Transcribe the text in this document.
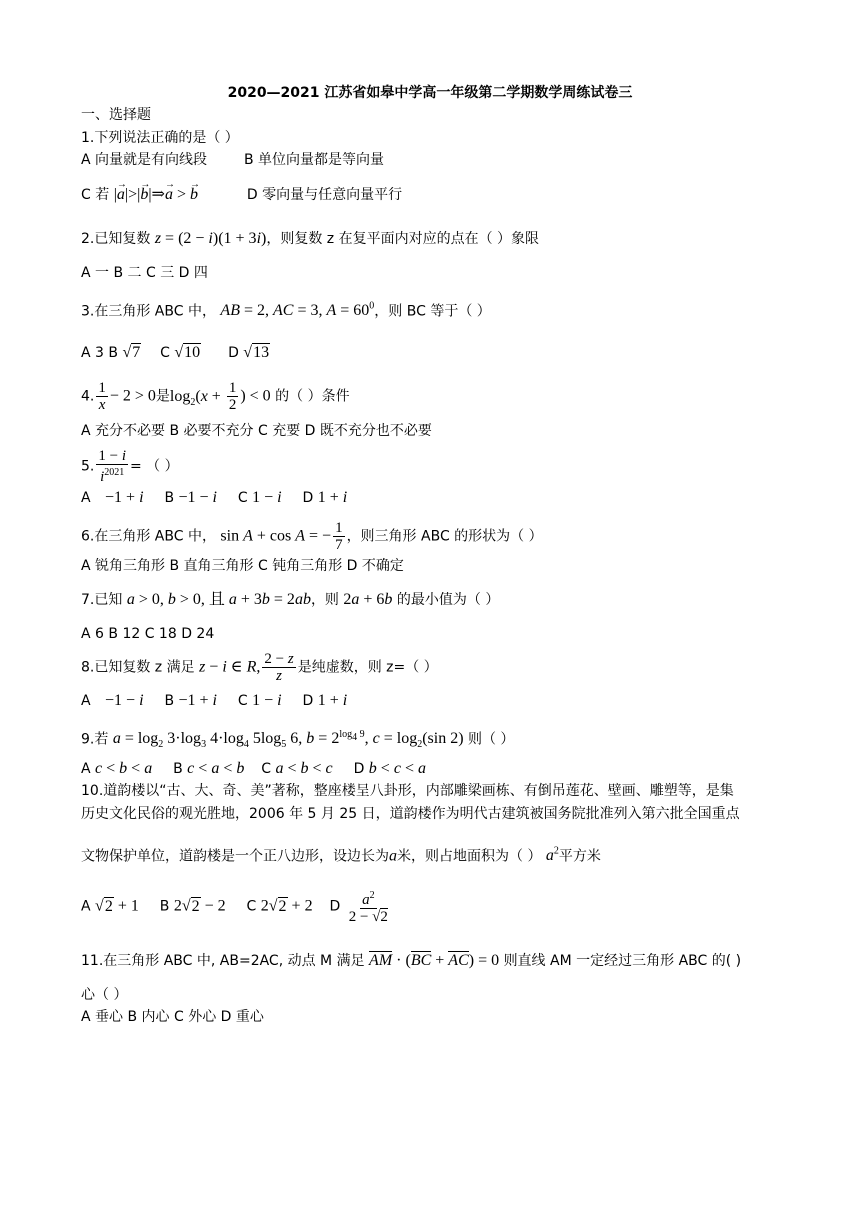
2020—2021 江苏省如皋中学高一年级第二学期数学周练试卷三
一、选择题
1.下列说法正确的是（ ）
A 向量就是有向线段	B 单位向量都是等向量
C 若 |→ a|>|→ b|⇒→ a > → b	D 零向量与任意向量平行
2.已知复数 z = (2 − i)(1 + 3i)，则复数 z 在复平面内对应的点在（ ）象限
A 一 B 二 C 三 D 四
3.在三角形 ABC 中， AB = 2, AC = 3, $A = 60^0$，则 BC 等于（ ）
A 3 B √7 C √10 D √13
4. $\frac{1}{x} - 2 > 0$是$\log_2(x + \frac{1}{2}$ ) < 0 的（ ）条件
A 充分不必要 B 必要不充分 C 充要 D 既不充分也不必要
5. $\frac{1 - i}{i^{2021}}$ = （ ）
A −1 + i B −1 − i C 1 − i D 1 + i
6.在三角形 ABC 中， sin A + cos A = − $\frac{1}{7}$ ，则三角形 ABC 的形状为（ ）
A 锐角三角形 B 直角三角形 C 钝角三角形 D 不确定
7.已知 a > 0, b > 0, 且 a + 3b = 2ab，则 2a + 6b 的最小值为（ ）
A 6 B 12 C 18 D 24
8.已知复数 z 满足 z − i ∈ R, $\frac{2 - z}{z}$ 是纯虚数，则 z=（ ）
A −1 − i B −1 + i C 1 − i D 1 + i
9.若 $a = \log_2 3\cdot\log_3$ $4\cdot\log_4$ $5\log_5$ 6, $b = 2^{log_4 9}$, $c = \log_2(\sin$ 2) 则（ ）
A c < b < a B c < a < b C a < b < c D b < c < a
10.道韵楼以“古、大、奇、美”著称，整座楼呈八卦形，内部雕梁画栋、有倒吊莲花、壁画、雕塑等，是集
历史文化民俗的观光胜地，2006 年 5 月 25 日，道韵楼作为明代古建筑被国务院批准列入第六批全国重点
文物保护单位，道韵楼是一个正八边形，设边长为a米，则占地面积为（ ） $a^2$平方米
A √2 + 1 B 2√2 − 2 C 2√2 + 2 D $\frac{a^2}{2 - √2}$
11.在三角形 ABC 中, AB=2AC, 动点 M 满足 AM · (BC + AC) = 0 则直线 AM 一定经过三角形 ABC 的( )
心（ ）
A 垂心 B 内心 C 外心 D 重心
